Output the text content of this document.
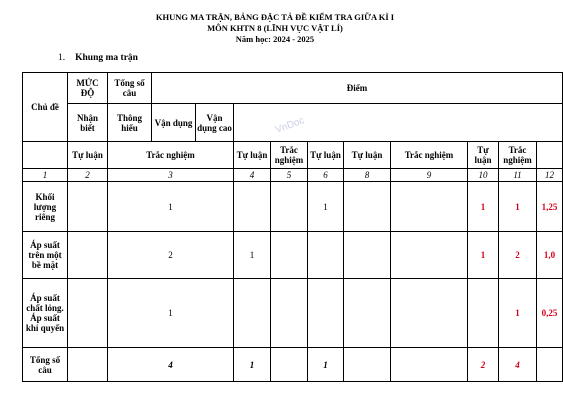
KHUNG MA TRẬN, BẢNG ĐẶC TẢ ĐỀ KIỂM TRA GIỮA KÌ I
MÔN KHTN 8 (LĨNH VỰC VẬT LÍ)
Năm học: 2024 - 2025
1. Khung ma trận
VnDoc
Chủ đề	MỨC ĐỘ	Tổng số câu	Điểm									
	Nhận biết	Thông hiểu	Vận dụng	Vận dụng cao								
	Tự luận	Trắc nghiệm			Tự luận	Trắc nghiệm	Tự luận	Tự luận	Trắc nghiệm	Tự luận	Trắc nghiệm	
1	2	3			4	5	6	8	9	10	11	12
Khối lượng riêng		1					1			1	1	1,25
Áp suất trên một bề mặt		2			1					1	2	1,0
Áp suất chất lỏng. Áp suất khí quyển		1									1	0,25
Tổng số câu		4			1		1			2	4	
